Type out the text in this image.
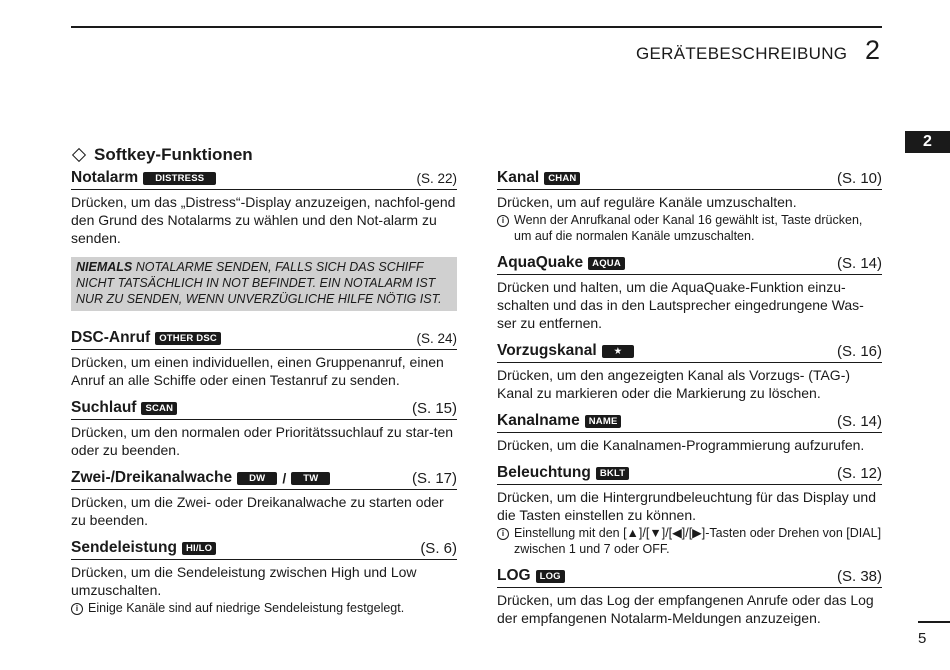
GERÄTEBESCHREIBUNG 2
2
Softkey-Funktionen
Notalarm	DISTRESS	(S. 22)
Drücken, um das „Distress“-Display anzuzeigen, nachfol-gend den Grund des Notalarms zu wählen und den Not-alarm zu senden.
NIEMALS NOTALARME SENDEN, FALLS SICH DAS SCHIFF NICHT TATSÄCHLICH IN NOT BEFINDET. EIN NOTALARM IST NUR ZU SENDEN, WENN UNVERZÜGLICHE HILFE NÖTIG IST.
DSC-Anruf OTHER DSC	(S. 24)
Drücken, um einen individuellen, einen Gruppenanruf, einen Anruf an alle Schiffe oder einen Testanruf zu senden.
Suchlauf SCAN	(S. 15)
Drücken, um den normalen oder Prioritätssuchlauf zu star-ten oder zu beenden.
Zwei-/Dreikanalwache	DW	/	TW	(S. 17)
Drücken, um die Zwei- oder Dreikanalwache zu starten oder zu beenden.
Sendeleistung HI/LO	(S. 6)
Drücken, um die Sendeleistung zwischen High und Low umzuschalten.
i Einige Kanäle sind auf niedrige Sendeleistung festgelegt.
Kanal CHAN	(S. 10)
Drücken, um auf reguläre Kanäle umzuschalten.
i Wenn der Anrufkanal oder Kanal 16 gewählt ist, Taste drücken, um auf die normalen Kanäle umzuschalten.
AquaQuake AQUA	(S. 14)
Drücken und halten, um die AquaQuake-Funktion einzu-schalten und das in den Lautsprecher eingedrungene Was-ser zu entfernen.
Vorzugskanal	★	(S. 16)
Drücken, um den angezeigten Kanal als Vorzugs- (TAG-) Kanal zu markieren oder die Markierung zu löschen.
Kanalname NAME	(S. 14)
Drücken, um die Kanalnamen-Programmierung aufzurufen.
Beleuchtung BKLT	(S. 12)
Drücken, um die Hintergrundbeleuchtung für das Display und die Tasten einstellen zu können.
i Einstellung mit den [▲]/[▼]/[◀]/[▶]-Tasten oder Drehen von [DIAL] zwischen 1 und 7 oder OFF.
LOG LOG	(S. 38)
Drücken, um das Log der empfangenen Anrufe oder das Log der empfangenen Notalarm-Meldungen anzuzeigen.
5
